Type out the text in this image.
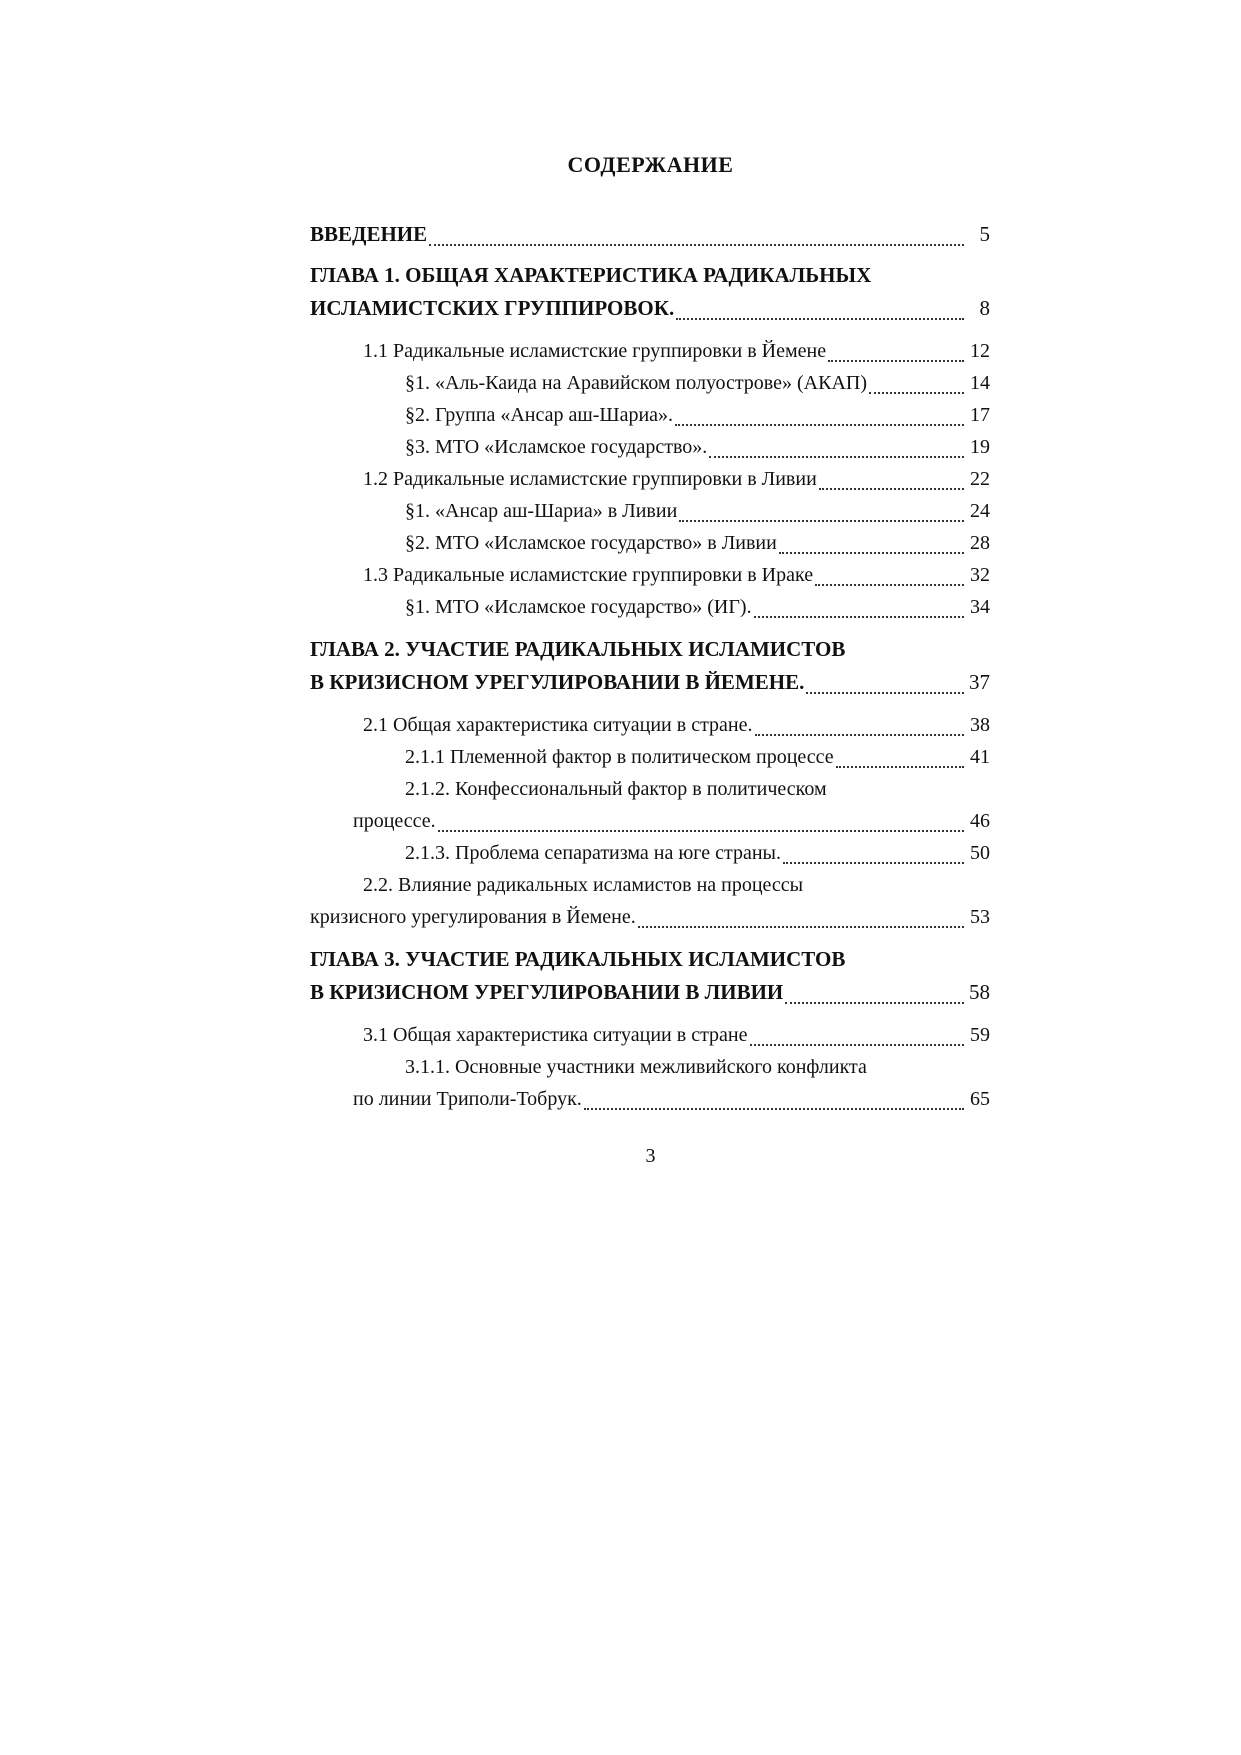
СОДЕРЖАНИЕ
ВВЕДЕНИЕ	5
ГЛАВА 1. ОБЩАЯ ХАРАКТЕРИСТИКА РАДИКАЛЬНЫХ
ИСЛАМИСТСКИХ ГРУППИРОВОК.	8
1.1 Радикальные исламистские группировки в Йемене	12
§1. «Аль-Каида на Аравийском полуострове» (АКАП)	14
§2. Группа «Ансар аш-Шариа».	17
§3. МТО «Исламское государство».	19
1.2 Радикальные исламистские группировки в Ливии	22
§1. «Ансар аш-Шариа» в Ливии	24
§2. МТО «Исламское государство» в Ливии	28
1.3 Радикальные исламистские группировки в Ираке	32
§1. МТО «Исламское государство» (ИГ).	34
ГЛАВА 2. УЧАСТИЕ РАДИКАЛЬНЫХ ИСЛАМИСТОВ
В КРИЗИСНОМ УРЕГУЛИРОВАНИИ В ЙЕМЕНЕ.	37
2.1 Общая характеристика ситуации в стране.	38
2.1.1 Племенной фактор в политическом процессе	41
2.1.2. Конфессиональный фактор в политическом
процессе.	46
2.1.3. Проблема сепаратизма на юге страны.	50
2.2. Влияние радикальных исламистов на процессы
кризисного урегулирования в Йемене.	53
ГЛАВА 3. УЧАСТИЕ РАДИКАЛЬНЫХ ИСЛАМИСТОВ
В КРИЗИСНОМ УРЕГУЛИРОВАНИИ В ЛИВИИ	58
3.1 Общая характеристика ситуации в стране	59
3.1.1. Основные участники межливийского конфликта
по линии Триполи-Тобрук.	65
3
